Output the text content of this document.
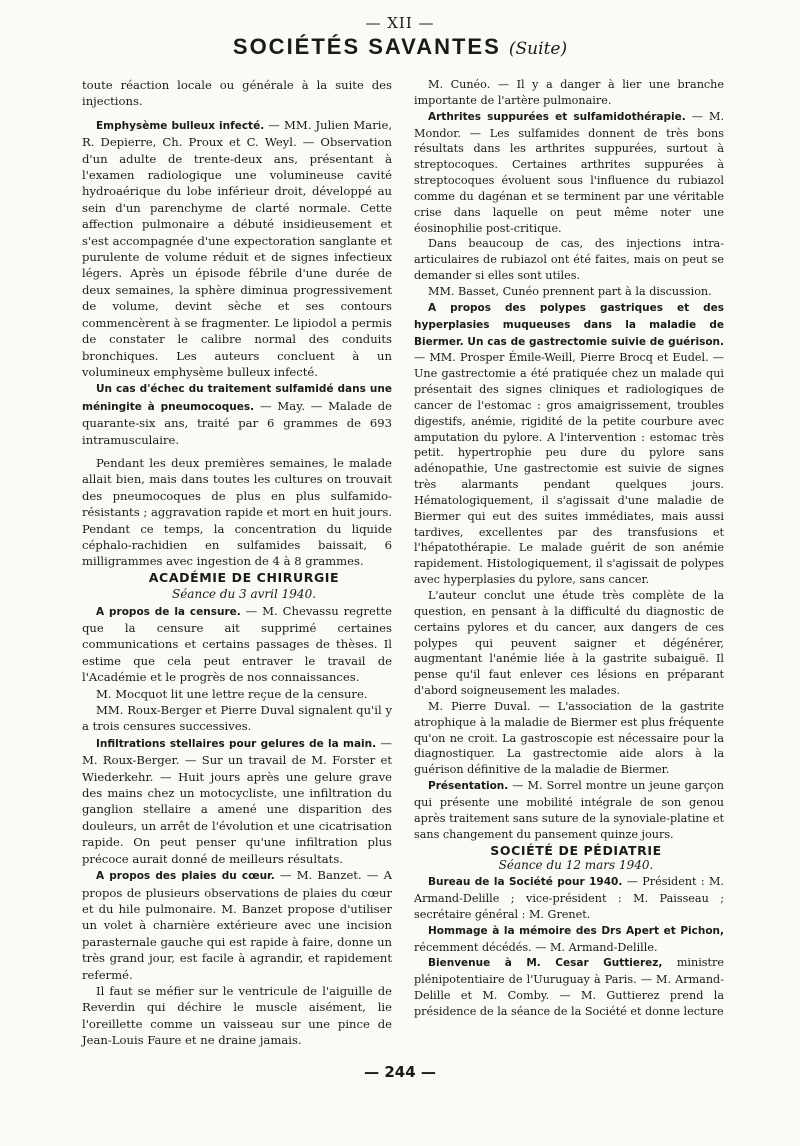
— XII —
SOCIÉTÉS SAVANTES (Suite)

toute réaction locale ou générale à la suite des injections.

Emphysème bulleux infecté. — MM. Julien Marie, R. Depierre, Ch. Proux et C. Weyl. — Observation d'un adulte de trente-deux ans, présentant à l'examen radiologique une volumineuse cavité hydroaérique du lobe inférieur droit, développé au sein d'un parenchyme de clarté normale. Cette affection pulmonaire a débuté insidieusement et s'est accompagnée d'une expectoration sanglante et purulente de volume réduit et de signes infectieux légers. Après un épisode fébrile d'une durée de deux semaines, la sphère diminua progressivement de volume, devint sèche et ses contours commencèrent à se fragmenter. Le lipiodol a permis de constater le calibre normal des conduits bronchiques. Les auteurs concluent à un volumineux emphysème bulleux infecté.

Un cas d'échec du traitement sulfamidé dans une méningite à pneumocoques. — May. — Malade de quarante-six ans, traité par 6 grammes de 693 intramusculaire.

Pendant les deux premières semaines, le malade allait bien, mais dans toutes les cultures on trouvait des pneumocoques de plus en plus sulfamido-résistants ; aggravation rapide et mort en huit jours. Pendant ce temps, la concentration du liquide céphalo-rachidien en sulfamides baissait, 6 milligrammes avec ingestion de 4 à 8 grammes.

ACADÉMIE DE CHIRURGIE

Séance du 3 avril 1940.

A propos de la censure. — M. Chevassu regrette que la censure ait supprimé certaines communications et certains passages de thèses. Il estime que cela peut entraver le travail de l'Académie et le progrès de nos connaissances.

M. Mocquot lit une lettre reçue de la censure.

MM. Roux-Berger et Pierre Duval signalent qu'il y a trois censures successives.

Infiltrations stellaires pour gelures de la main. — M. Roux-Berger. — Sur un travail de M. Forster et Wiederkehr. — Huit jours après une gelure grave des mains chez un motocycliste, une infiltration du ganglion stellaire a amené une disparition des douleurs, un arrêt de l'évolution et une cicatrisation rapide. On peut penser qu'une infiltration plus précoce aurait donné de meilleurs résultats.

A propos des plaies du cœur. — M. Banzet. — A propos de plusieurs observations de plaies du cœur et du hile pulmonaire. M. Banzet propose d'utiliser un volet à charnière extérieure avec une incision parasternale gauche qui est rapide à faire, donne un très grand jour, est facile à agrandir, et rapidement refermé.

Il faut se méfier sur le ventricule de l'aiguille de Reverdin qui déchire le muscle aisément, lie l'oreillette comme un vaisseau sur une pince de Jean-Louis Faure et ne draine jamais.

M. Cunéo. — Il y a danger à lier une branche importante de l'artère pulmonaire.

Arthrites suppurées et sulfamidothérapie. — M. Mondor. — Les sulfamides donnent de très bons résultats dans les arthrites suppurées, surtout à streptocoques. Certaines arthrites suppurées à streptocoques évoluent sous l'influence du rubiazol comme du dagénan et se terminent par une véritable crise dans laquelle on peut même noter une éosinophilie post-critique.

Dans beaucoup de cas, des injections intra-articulaires de rubiazol ont été faites, mais on peut se demander si elles sont utiles.

MM. Basset, Cunéo prennent part à la discussion.

A propos des polypes gastriques et des hyperplasies muqueuses dans la maladie de Biermer. Un cas de gastrectomie suivie de guérison. — MM. Prosper Émile-Weill, Pierre Brocq et Eudel. — Une gastrectomie a été pratiquée chez un malade qui présentait des signes cliniques et radiologiques de cancer de l'estomac : gros amaigrissement, troubles digestifs, anémie, rigidité de la petite courbure avec amputation du pylore. A l'intervention : estomac très petit. hypertrophie peu dure du pylore sans adénopathie, Une gastrectomie est suivie de signes très alarmants pendant quelques jours. Hématologiquement, il s'agissait d'une maladie de Biermer qui eut des suites immédiates, mais aussi tardives, excellentes par des transfusions et l'hépatothérapie. Le malade guérit de son anémie rapidement. Histologiquement, il s'agissait de polypes avec hyperplasies du pylore, sans cancer.

L'auteur conclut une étude très complète de la question, en pensant à la difficulté du diagnostic de certains pylores et du cancer, aux dangers de ces polypes qui peuvent saigner et dégénérer, augmentant l'anémie liée à la gastrite subaiguë. Il pense qu'il faut enlever ces lésions en préparant d'abord soigneusement les malades.

M. Pierre Duval. — L'association de la gastrite atrophique à la maladie de Biermer est plus fréquente qu'on ne croit. La gastroscopie est nécessaire pour la diagnostiquer. La gastrectomie aide alors à la guérison définitive de la maladie de Biermer.

Présentation. — M. Sorrel montre un jeune garçon qui présente une mobilité intégrale de son genou après traitement sans suture de la synoviale-platine et sans changement du pansement quinze jours.

SOCIÉTÉ DE PÉDIATRIE

Séance du 12 mars 1940.

Bureau de la Société pour 1940. — Président : M. Armand-Delille ; vice-président : M. Paisseau ; secrétaire général : M. Grenet.

Hommage à la mémoire des Drs Apert et Pichon, récemment décédés. — M. Armand-Delille.

Bienvenue à M. Cesar Guttierez, ministre plénipotentiaire de l'Uuruguay à Paris. — M. Armand-Delille et M. Comby. — M. Guttierez prend la présidence de la séance de la Société et donne lecture

— 244 —
